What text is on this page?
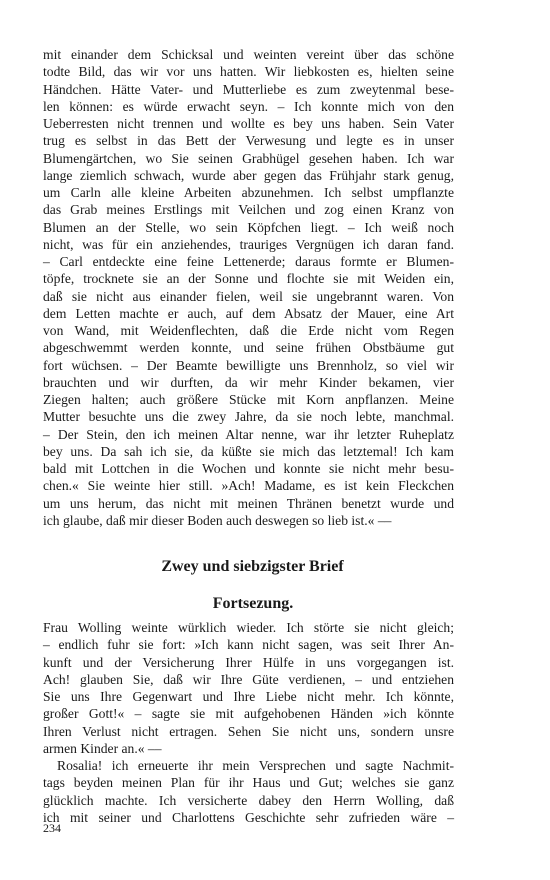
mit einander dem Schicksal und weinten vereint über das schöne
todte Bild, das wir vor uns hatten. Wir liebkosten es, hielten seine
Händchen. Hätte Vater- und Mutterliebe es zum zweytenmal bese-
len können: es würde erwacht seyn. – Ich konnte mich von den
Ueberresten nicht trennen und wollte es bey uns haben. Sein Vater
trug es selbst in das Bett der Verwesung und legte es in unser
Blumengärtchen, wo Sie seinen Grabhügel gesehen haben. Ich war
lange ziemlich schwach, wurde aber gegen das Frühjahr stark genug,
um Carln alle kleine Arbeiten abzunehmen. Ich selbst umpflanzte
das Grab meines Erstlings mit Veilchen und zog einen Kranz von
Blumen an der Stelle, wo sein Köpfchen liegt. – Ich weiß noch
nicht, was für ein anziehendes, trauriges Vergnügen ich daran fand.
– Carl entdeckte eine feine Lettenerde; daraus formte er Blumen-
töpfe, trocknete sie an der Sonne und flochte sie mit Weiden ein,
daß sie nicht aus einander fielen, weil sie ungebrannt waren. Von
dem Letten machte er auch, auf dem Absatz der Mauer, eine Art
von Wand, mit Weidenflechten, daß die Erde nicht vom Regen
abgeschwemmt werden konnte, und seine frühen Obstbäume gut
fort wüchsen. – Der Beamte bewilligte uns Brennholz, so viel wir
brauchten und wir durften, da wir mehr Kinder bekamen, vier
Ziegen halten; auch größere Stücke mit Korn anpflanzen. Meine
Mutter besuchte uns die zwey Jahre, da sie noch lebte, manchmal.
– Der Stein, den ich meinen Altar nenne, war ihr letzter Ruheplatz
bey uns. Da sah ich sie, da küßte sie mich das letztemal! Ich kam
bald mit Lottchen in die Wochen und konnte sie nicht mehr besu-
chen.« Sie weinte hier still. »Ach! Madame, es ist kein Fleckchen
um uns herum, das nicht mit meinen Thränen benetzt wurde und
ich glaube, daß mir dieser Boden auch deswegen so lieb ist.« ––
Zwey und siebzigster Brief
Fortsezung.
Frau Wolling weinte würklich wieder. Ich störte sie nicht gleich;
– endlich fuhr sie fort: »Ich kann nicht sagen, was seit Ihrer An-
kunft und der Versicherung Ihrer Hülfe in uns vorgegangen ist.
Ach! glauben Sie, daß wir Ihre Güte verdienen, – und entziehen
Sie uns Ihre Gegenwart und Ihre Liebe nicht mehr. Ich könnte,
großer Gott!« – sagte sie mit aufgehobenen Händen »ich könnte
Ihren Verlust nicht ertragen. Sehen Sie nicht uns, sondern unsre
armen Kinder an.« ––
Rosalia! ich erneuerte ihr mein Versprechen und sagte Nachmit-
tags beyden meinen Plan für ihr Haus und Gut; welches sie ganz
glücklich machte. Ich versicherte dabey den Herrn Wolling, daß
ich mit seiner und Charlottens Geschichte sehr zufrieden wäre –
234
